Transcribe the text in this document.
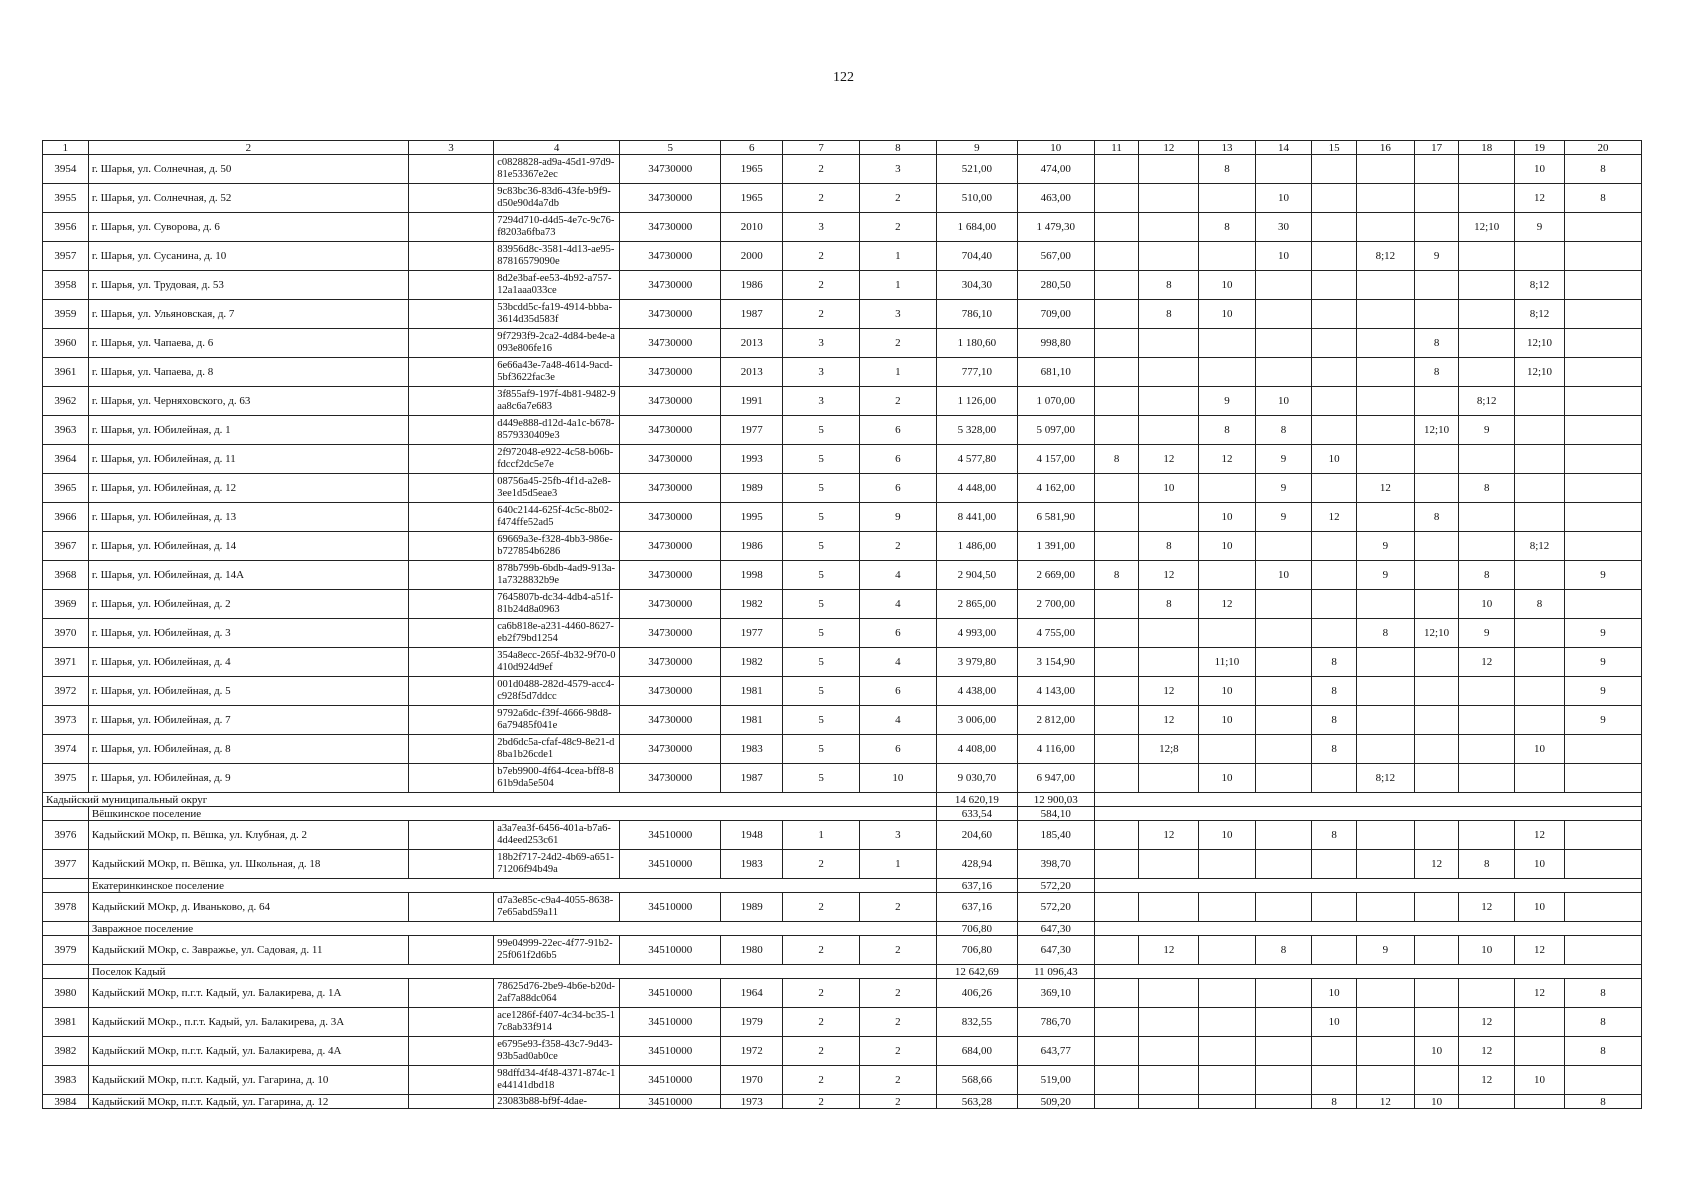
122
1	2	3	4	5	6	7	8	9	10	11	12	13	14	15	16	17	18	19	20
3954	г. Шарья, ул. Солнечная, д. 50		c0828828-ad9a-45d1-97d9-81e53367e2ec	34730000	1965	2	3	521,00	474,00			8						10	8
3955	г. Шарья, ул. Солнечная, д. 52		9c83bc36-83d6-43fe-b9f9-d50e90d4a7db	34730000	1965	2	2	510,00	463,00				10					12	8
3956	г. Шарья, ул. Суворова, д. 6		7294d710-d4d5-4e7c-9c76-f8203a6fba73	34730000	2010	3	2	1 684,00	1 479,30			8	30				12;10	9	
3957	г. Шарья, ул. Сусанина, д. 10		83956d8c-3581-4d13-ae95-87816579090e	34730000	2000	2	1	704,40	567,00				10		8;12	9			
3958	г. Шарья, ул. Трудовая, д. 53		8d2e3baf-ee53-4b92-a757-12a1aaa033ce	34730000	1986	2	1	304,30	280,50		8	10						8;12	
3959	г. Шарья, ул. Ульяновская, д. 7		53bcdd5c-fa19-4914-bbba-3614d35d583f	34730000	1987	2	3	786,10	709,00		8	10						8;12	
3960	г. Шарья, ул. Чапаева, д. 6		9f7293f9-2ca2-4d84-be4e-a093e806fe16	34730000	2013	3	2	1 180,60	998,80							8		12;10	
3961	г. Шарья, ул. Чапаева, д. 8		6e66a43e-7a48-4614-9acd-5bf3622fac3e	34730000	2013	3	1	777,10	681,10							8		12;10	
3962	г. Шарья, ул. Черняховского, д. 63		3f855af9-197f-4b81-9482-9aa8c6a7e683	34730000	1991	3	2	1 126,00	1 070,00			9	10				8;12		
3963	г. Шарья, ул. Юбилейная, д. 1		d449e888-d12d-4a1c-b678-8579330409e3	34730000	1977	5	6	5 328,00	5 097,00			8	8			12;10	9		
3964	г. Шарья, ул. Юбилейная, д. 11		2f972048-e922-4c58-b06b-fdccf2dc5e7e	34730000	1993	5	6	4 577,80	4 157,00	8	12	12	9	10					
3965	г. Шарья, ул. Юбилейная, д. 12		08756a45-25fb-4f1d-a2e8-3ee1d5d5eae3	34730000	1989	5	6	4 448,00	4 162,00		10		9		12		8		
3966	г. Шарья, ул. Юбилейная, д. 13		640c2144-625f-4c5c-8b02-f474ffe52ad5	34730000	1995	5	9	8 441,00	6 581,90			10	9	12		8			
3967	г. Шарья, ул. Юбилейная, д. 14		69669a3e-f328-4bb3-986e-b727854b6286	34730000	1986	5	2	1 486,00	1 391,00		8	10			9			8;12	
3968	г. Шарья, ул. Юбилейная, д. 14А		878b799b-6bdb-4ad9-913a-1a7328832b9e	34730000	1998	5	4	2 904,50	2 669,00	8	12		10		9		8		9
3969	г. Шарья, ул. Юбилейная, д. 2		7645807b-dc34-4db4-a51f-81b24d8a0963	34730000	1982	5	4	2 865,00	2 700,00		8	12					10	8	
3970	г. Шарья, ул. Юбилейная, д. 3		ca6b818e-a231-4460-8627-eb2f79bd1254	34730000	1977	5	6	4 993,00	4 755,00						8	12;10	9		9
3971	г. Шарья, ул. Юбилейная, д. 4		354a8ecc-265f-4b32-9f70-0410d924d9ef	34730000	1982	5	4	3 979,80	3 154,90			11;10		8			12		9
3972	г. Шарья, ул. Юбилейная, д. 5		001d0488-282d-4579-acc4-c928f5d7ddcc	34730000	1981	5	6	4 438,00	4 143,00		12	10		8					9
3973	г. Шарья, ул. Юбилейная, д. 7		9792a6dc-f39f-4666-98d8-6a79485f041e	34730000	1981	5	4	3 006,00	2 812,00		12	10		8					9
3974	г. Шарья, ул. Юбилейная, д. 8		2bd6dc5a-cfaf-48c9-8e21-d8ba1b26cde1	34730000	1983	5	6	4 408,00	4 116,00		12;8			8				10	
3975	г. Шарья, ул. Юбилейная, д. 9		b7eb9900-4f64-4cea-bff8-861b9da5e504	34730000	1987	5	10	9 030,70	6 947,00			10			8;12				
Кадыйский муниципальный округ								14 620,19	12 900,03										
	Вёшкинское поселение							633,54	584,10										
3976	Кадыйский МОкр, п. Вёшка, ул. Клубная, д. 2		a3a7ea3f-6456-401a-b7a6-4d4eed253c61	34510000	1948	1	3	204,60	185,40		12	10		8				12	
3977	Кадыйский МОкр, п. Вёшка, ул. Школьная, д. 18		18b2f717-24d2-4b69-a651-71206f94b49a	34510000	1983	2	1	428,94	398,70							12	8	10	
	Екатеринкинское поселение							637,16	572,20										
3978	Кадыйский МОкр, д. Иваньково, д. 64		d7a3e85c-c9a4-4055-8638-7e65abd59a11	34510000	1989	2	2	637,16	572,20								12	10	
	Завражное поселение							706,80	647,30										
3979	Кадыйский МОкр, с. Завражье, ул. Садовая, д. 11		99e04999-22ec-4f77-91b2-25f061f2d6b5	34510000	1980	2	2	706,80	647,30		12		8		9		10	12	
	Поселок Кадый							12 642,69	11 096,43										
3980	Кадыйский МОкр, п.г.т. Кадый, ул. Балакирева, д. 1А		78625d76-2be9-4b6e-b20d-2af7a88dc064	34510000	1964	2	2	406,26	369,10					10				12	8
3981	Кадыйский МОкр., п.г.т. Кадый, ул. Балакирева, д. 3А		ace1286f-f407-4c34-bc35-17c8ab33f914	34510000	1979	2	2	832,55	786,70					10			12		8
3982	Кадыйский МОкр, п.г.т. Кадый, ул. Балакирева, д. 4А		e6795e93-f358-43c7-9d43-93b5ad0ab0ce	34510000	1972	2	2	684,00	643,77							10	12		8
3983	Кадыйский МОкр, п.г.т. Кадый, ул. Гагарина, д. 10		98dffd34-4f48-4371-874c-1e44141dbd18	34510000	1970	2	2	568,66	519,00								12	10	
3984	Кадыйский МОкр, п.г.т. Кадый, ул. Гагарина, д. 12		23083b88-bf9f-4dae-	34510000	1973	2	2	563,28	509,20					8	12	10			8
